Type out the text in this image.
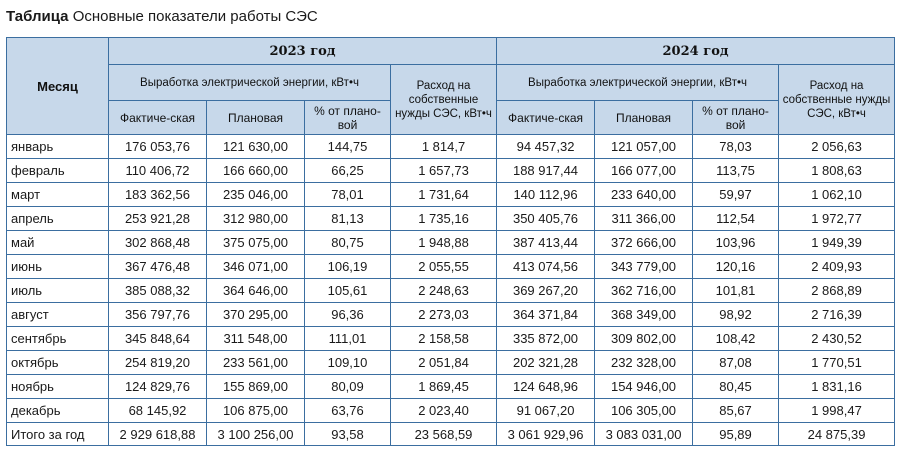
Таблица Основные показатели работы СЭС
Месяц	2023 год				2024 год			
	Выработка электрической энергии, кВт•ч			Расход на собственные нужды СЭС, кВт•ч	Выработка электрической энергии, кВт•ч			Расход на собственные нужды СЭС, кВт•ч
	Фактиче-ская	Плановая	% от плано-вой		Фактиче-ская	Плановая	% от плано-вой	
январь	176 053,76	121 630,00	144,75	1 814,7	94 457,32	121 057,00	78,03	2 056,63
февраль	110 406,72	166 660,00	66,25	1 657,73	188 917,44	166 077,00	113,75	1 808,63
март	183 362,56	235 046,00	78,01	1 731,64	140 112,96	233 640,00	59,97	1 062,10
апрель	253 921,28	312 980,00	81,13	1 735,16	350 405,76	311 366,00	112,54	1 972,77
май	302 868,48	375 075,00	80,75	1 948,88	387 413,44	372 666,00	103,96	1 949,39
июнь	367 476,48	346 071,00	106,19	2 055,55	413 074,56	343 779,00	120,16	2 409,93
июль	385 088,32	364 646,00	105,61	2 248,63	369 267,20	362 716,00	101,81	2 868,89
август	356 797,76	370 295,00	96,36	2 273,03	364 371,84	368 349,00	98,92	2 716,39
сентябрь	345 848,64	311 548,00	111,01	2 158,58	335 872,00	309 802,00	108,42	2 430,52
октябрь	254 819,20	233 561,00	109,10	2 051,84	202 321,28	232 328,00	87,08	1 770,51
ноябрь	124 829,76	155 869,00	80,09	1 869,45	124 648,96	154 946,00	80,45	1 831,16
декабрь	68 145,92	106 875,00	63,76	2 023,40	91 067,20	106 305,00	85,67	1 998,47
Итого за год	2 929 618,88	3 100 256,00	93,58	23 568,59	3 061 929,96	3 083 031,00	95,89	24 875,39
